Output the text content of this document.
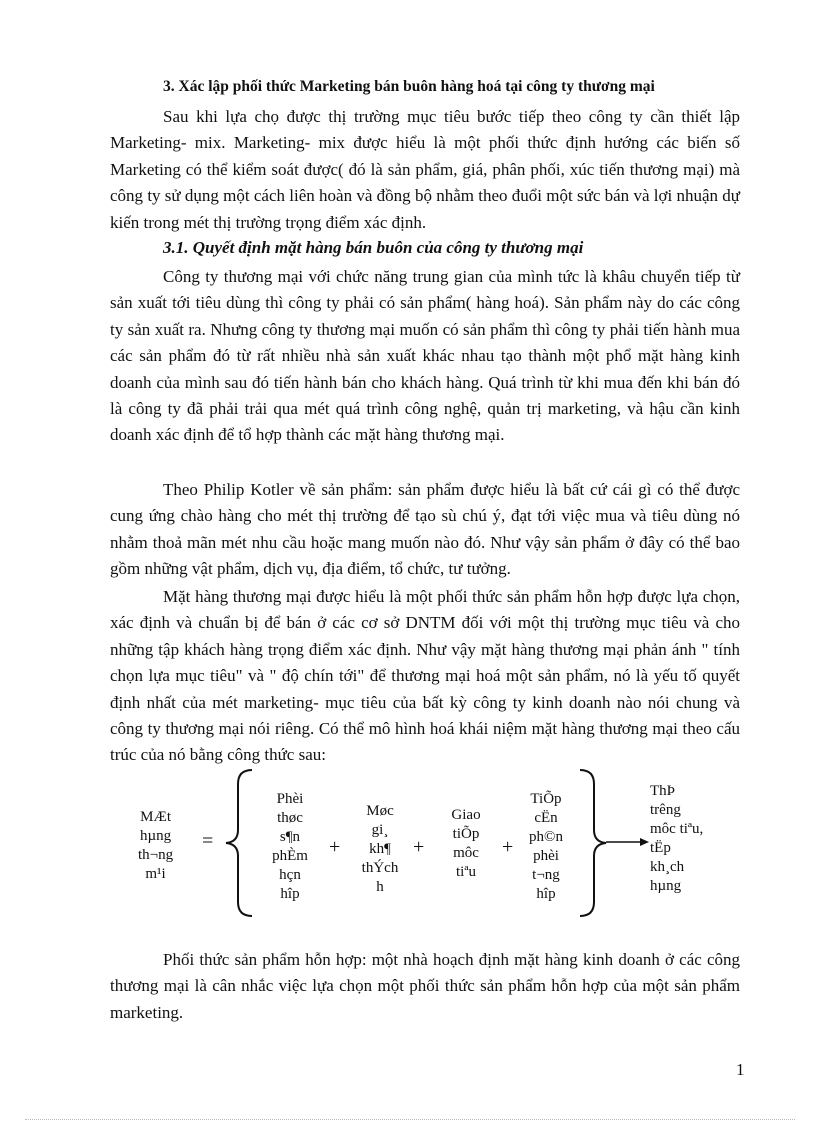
3. Xác lập phối thức Marketing bán buôn hàng hoá tại công ty thương mại

Sau khi lựa chọ được thị trường mục tiêu bước tiếp theo công ty cần thiết lập Marketing- mix. Marketing- mix được hiểu là một phối thức định hướng các biến số Marketing có thể kiểm soát được( đó là sản phẩm, giá, phân phối, xúc tiến thương mại) mà công ty sử dụng một cách liên hoàn và đồng bộ nhằm theo đuổi một sức bán và lợi nhuận dự kiến trong mét thị trường trọng điểm xác định.

3.1. Quyết định mặt hàng bán buôn của công ty thương mại

Công ty thương mại với chức năng trung gian của mình tức là khâu chuyển tiếp từ sản xuất tới tiêu dùng thì công ty phải có sản phẩm( hàng hoá). Sản phẩm này do các công ty sản xuất ra. Nhưng công ty thương mại muốn có sản phẩm thì công ty phải tiến hành mua các sản phẩm đó từ rất nhiều nhà sản xuất khác nhau tạo thành một phổ mặt hàng kinh doanh của mình sau đó tiến hành bán cho khách hàng. Quá trình từ khi mua đến khi bán đó là công ty đã phải trải qua mét quá trình công nghệ, quản trị marketing, và hậu cần kinh doanh xác định để tổ hợp thành các mặt hàng thương mại.

Theo Philip Kotler về sản phẩm: sản phẩm được hiểu là bất cứ cái gì có thể được cung ứng chào hàng cho mét thị trường để tạo sù chú ý, đạt tới việc mua và tiêu dùng nó nhằm thoả mãn mét nhu cầu hoặc mang muốn nào đó. Như vậy sản phẩm ở đây có thể bao gồm những vật phẩm, dịch vụ, địa điểm, tổ chức, tư tưởng.

Mặt hàng thương mại được hiểu là một phối thức sản phẩm hỗn hợp được lựa chọn, xác định và chuẩn bị để bán ở các cơ sở DNTM đối với một thị trường mục tiêu và cho những tập khách hàng trọng điểm xác định. Như vậy mặt hàng thương mại phản ánh " tính chọn lựa mục tiêu" và " độ chín tới" để thương mại hoá một sản phẩm, nó là yếu tố quyết định nhất của mét marketing- mục tiêu của bất kỳ công ty kinh doanh nào nói chung và công ty thương mại nói riêng. Có thể mô hình hoá khái niệm mặt hàng thương mại theo cấu trúc của nó bằng công thức sau:

MÆt
hµng
th¬ng
m¹i
=
Phèi
thøc
s¶n
phÈm
hçn
hîp
+
Møc
gi¸
kh¶
thÝch
h
+
Giao
tiÕp
môc
tiªu
+
TiÕp
cËn
ph©n
phèi
t¬ng
hîp
ThÞ
trêng
môc tiªu,
tËp
kh¸ch
hµng

Phối thức sản phẩm hỗn hợp: một nhà hoạch định mặt hàng kinh doanh ở các công thương mại là cân nhắc việc lựa chọn một phối thức sản phẩm hỗn hợp của một sản phẩm marketing.

1
